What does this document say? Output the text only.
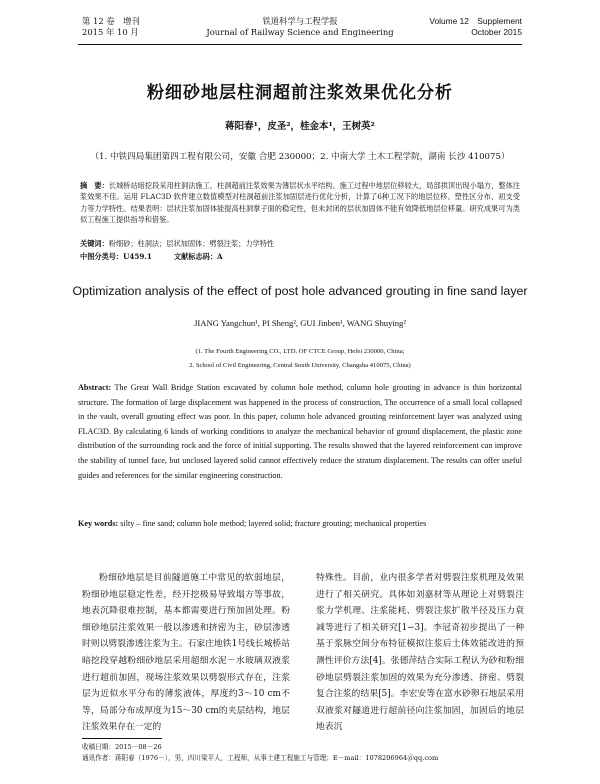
第 12 卷　增刊
2015 年 10 月
铁道科学与工程学报
Journal of Railway Science and Engineering
Volume 12　Supplement
October 2015
粉细砂地层柱洞超前注浆效果优化分析
蒋阳春¹，皮圣²，桂金本¹，王树英²
（1. 中铁四局集团第四工程有限公司，安徽 合肥 230000；2. 中南大学 土木工程学院，湖南 长沙 410075）
摘　要：长城桥站暗挖段采用柱洞法施工，柱洞超前注浆效果为薄层状水平结构。施工过程中地层位移较大，局部拱顶出现小塌方，整体注浆效果不佳。运用 FLAC3D 软件建立数值模型对柱洞超前注浆加固层进行优化分析，计算了6种工况下的地层位移、塑性区分布、初支受力等力学特性。结果表明：层状注浆加固体能提高柱洞掌子面的稳定性，但未封闭的层状加固体不能有效降低地层位移量。研究成果可为类似工程施工提供指导和借鉴。
关键词：粉细砂；柱洞法；层状加固体；劈裂注浆；力学特性
中图分类号：U459.1	文献标志码：A
Optimization analysis of the effect of post hole advanced grouting in fine sand layer
JIANG Yangchun¹, PI Sheng², GUI Jinben¹, WANG Shuying²
(1. The Fourth Engineering CO., LTD. OF CTCE Group, Hefei 230000, China;
2. School of Civil Engineering, Central South University, Changsha 410075, China)
Abstract: The Great Wall Bridge Station excavated by column hole method, column hole grouting in advance is thin horizontal structure. The formation of large displacement was happened in the process of construction, The occurrence of a small local collapsed in the vault, overall grouting effect was poor. In this paper, column hole advanced grouting reinforcement layer was analyzed using FLAC3D. By calculating 6 kinds of working conditions to analyze the mechanical behavior of ground displacement, the plastic zone distribution of the surrounding rock and the force of initial supporting. The results showed that the layered reinforcement can improve the stability of tunnel face, but unclosed layered solid cannot effectively reduce the stratum displacement. The results can offer useful guides and references for the similar engineering construction.
Key words: silty – fine sand; column hole method; layered solid; fracture grouting; mechanical properties
粉细砂地层是目前隧道施工中常见的软弱地层，粉细砂地层稳定性差，经开挖极易导致塌方等事故，地表沉降很难控制，基本都需要进行预加固处理。粉细砂地层注浆效果一般以渗透和挤密为主，砂层渗透时则以劈裂渗透注浆为主。石家庄地铁1号线长城桥站暗挖段穿越粉细砂地层采用超细水泥－水玻璃双液浆进行超前加固，现场注浆效果以劈裂形式存在，注浆层为近似水平分布的薄浆液体，厚度约3～10 cm不等，局部分布成厚度为15～30 cm的夹层结构，地层注浆效果存在一定的
特殊性。目前，业内很多学者对劈裂注浆机理及效果进行了相关研究。具体如刘嘉材等从理论上对劈裂注浆力学机理、注浆能耗、劈裂注浆扩散半径及压力衰减等进行了相关研究[1−3]。李冠奇初步提出了一种基于浆脉空间分布特征模拟注浆后土体效能改进的预测性评价方法[4]。张德萍结合实际工程认为砂和粉细砂地层劈裂注浆加固的效果为充分渗透、挤密、劈裂复合注浆的结果[5]。李宏安等在富水砂卵石地层采用双液浆对隧道进行超前径向注浆加固，加固后的地层地表沉
收稿日期：2015－08－26
通讯作者：蒋阳春（1976－），男，四川梁平人，工程师，从事土建工程施工与管理；E－mail：1078206964＠qq.com
